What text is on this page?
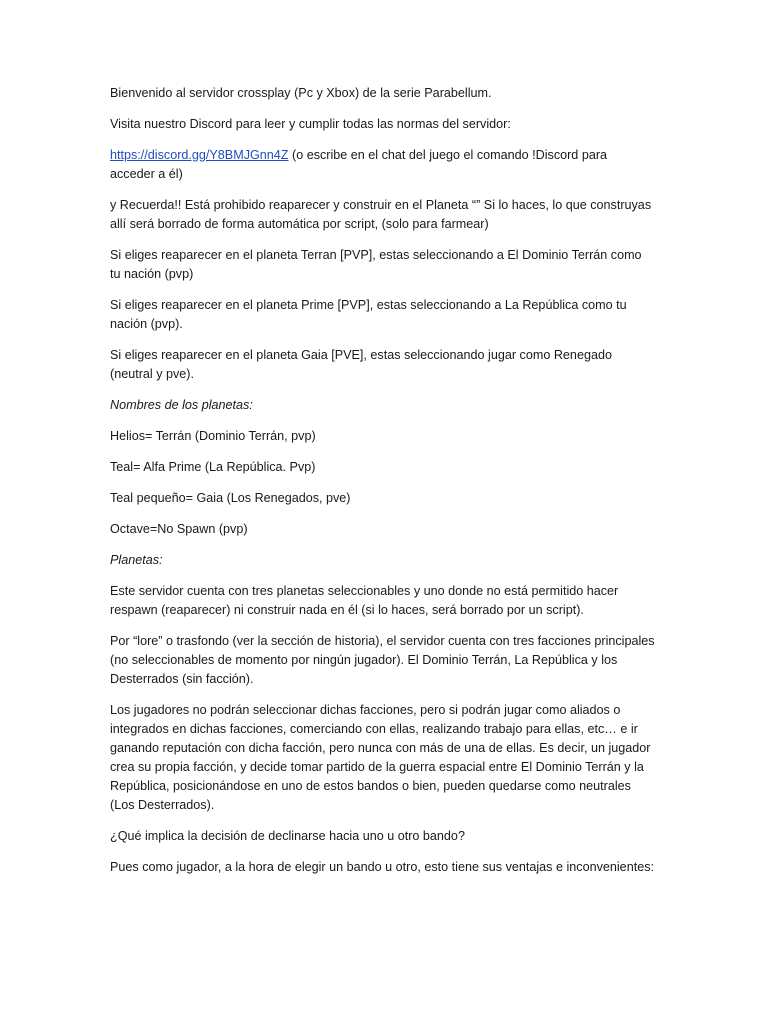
Bienvenido al servidor crossplay (Pc y Xbox) de la serie Parabellum.

Visita nuestro Discord para leer y cumplir todas las normas del servidor:

https://discord.gg/Y8BMJGnn4Z (o escribe en el chat del juego el comando !Discord para acceder a él)

y Recuerda!! Está prohibido reaparecer y construir en el Planeta “” Si lo haces, lo que construyas allí será borrado de forma automática por script, (solo para farmear)

Si eliges reaparecer en el planeta Terran [PVP], estas seleccionando a El Dominio Terrán como tu nación (pvp)

Si eliges reaparecer en el planeta Prime [PVP], estas seleccionando a La República como tu nación (pvp).

Si eliges reaparecer en el planeta Gaia [PVE], estas seleccionando jugar como Renegado (neutral y pve).

Nombres de los planetas:

Helios= Terrán (Dominio Terrán, pvp)

Teal= Alfa Prime (La República. Pvp)

Teal pequeño= Gaia (Los Renegados, pve)

Octave=No Spawn (pvp)

Planetas:

Este servidor cuenta con tres planetas seleccionables y uno donde no está permitido hacer respawn (reaparecer) ni construir nada en él (si lo haces, será borrado por un script).

Por “lore” o trasfondo (ver la sección de historia), el servidor cuenta con tres facciones principales (no seleccionables de momento por ningún jugador). El Dominio Terrán, La República y los Desterrados (sin facción).

Los jugadores no podrán seleccionar dichas facciones, pero si podrán jugar como aliados o integrados en dichas facciones, comerciando con ellas, realizando trabajo para ellas, etc… e ir ganando reputación con dicha facción, pero nunca con más de una de ellas. Es decir, un jugador crea su propia facción, y decide tomar partido de la guerra espacial entre El Dominio Terrán y la República, posicionándose en uno de estos bandos o bien, pueden quedarse como neutrales (Los Desterrados).

¿Qué implica la decisión de declinarse hacia uno u otro bando?

Pues como jugador, a la hora de elegir un bando u otro, esto tiene sus ventajas e inconvenientes:
